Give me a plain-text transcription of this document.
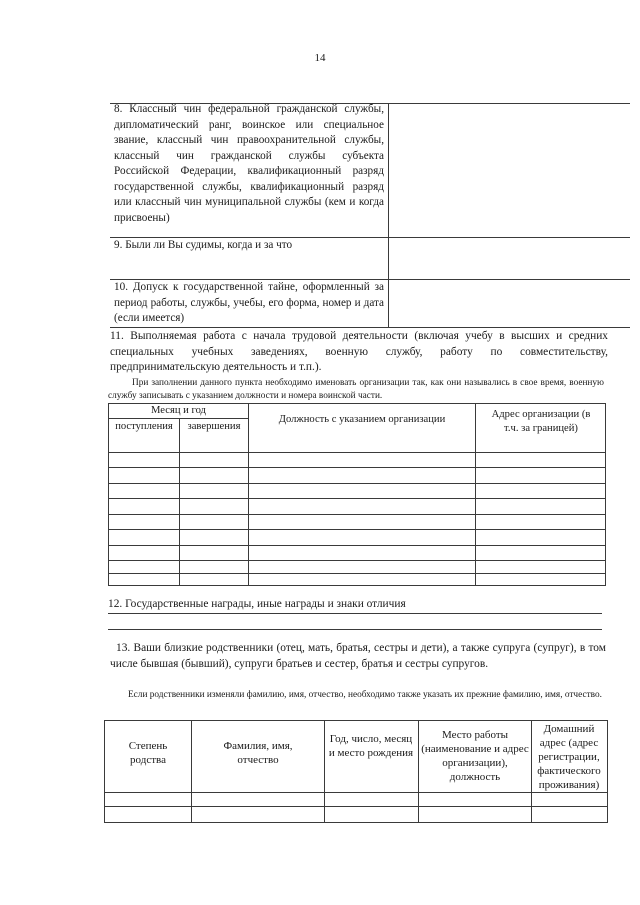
14
8. Классный чин федеральной гражданской службы, дипломатический ранг, воинское или специальное звание, классный чин правоохранительной службы, классный чин гражданской службы субъекта Российской Федерации, квалификационный разряд государственной службы, квалификационный разряд или классный чин муниципальной службы (кем и когда присвоены)
9. Были ли Вы судимы, когда и за что
10. Допуск к государственной тайне, оформленный за период работы, службы, учебы, его форма, номер и дата (если имеется)
11. Выполняемая работа с начала трудовой деятельности (включая учебу в высших и средних специальных учебных заведениях, военную службу, работу по совместительству, предпринимательскую деятельность и т.п.).
При заполнении данного пункта необходимо именовать организации так, как они назывались в свое время, военную службу записывать с указанием должности и номера воинской части.
Месяц и год
поступления	завершения
Должность с указанием организации	Адрес организации (в т.ч. за границей)
12. Государственные награды, иные награды и знаки отличия
13. Ваши близкие родственники (отец, мать, братья, сестры и дети), а также супруга (супруг), в том числе бывшая (бывший), супруги братьев и сестер, братья и сестры супругов.
Если родственники изменяли фамилию, имя, отчество, необходимо также указать их прежние фамилию, имя, отчество.
Степень родства
Фамилия, имя, отчество
Год, число, месяц и место рождения
Место работы (наименование и адрес организации), должность
Домашний адрес (адрес регистрации, фактического проживания)
